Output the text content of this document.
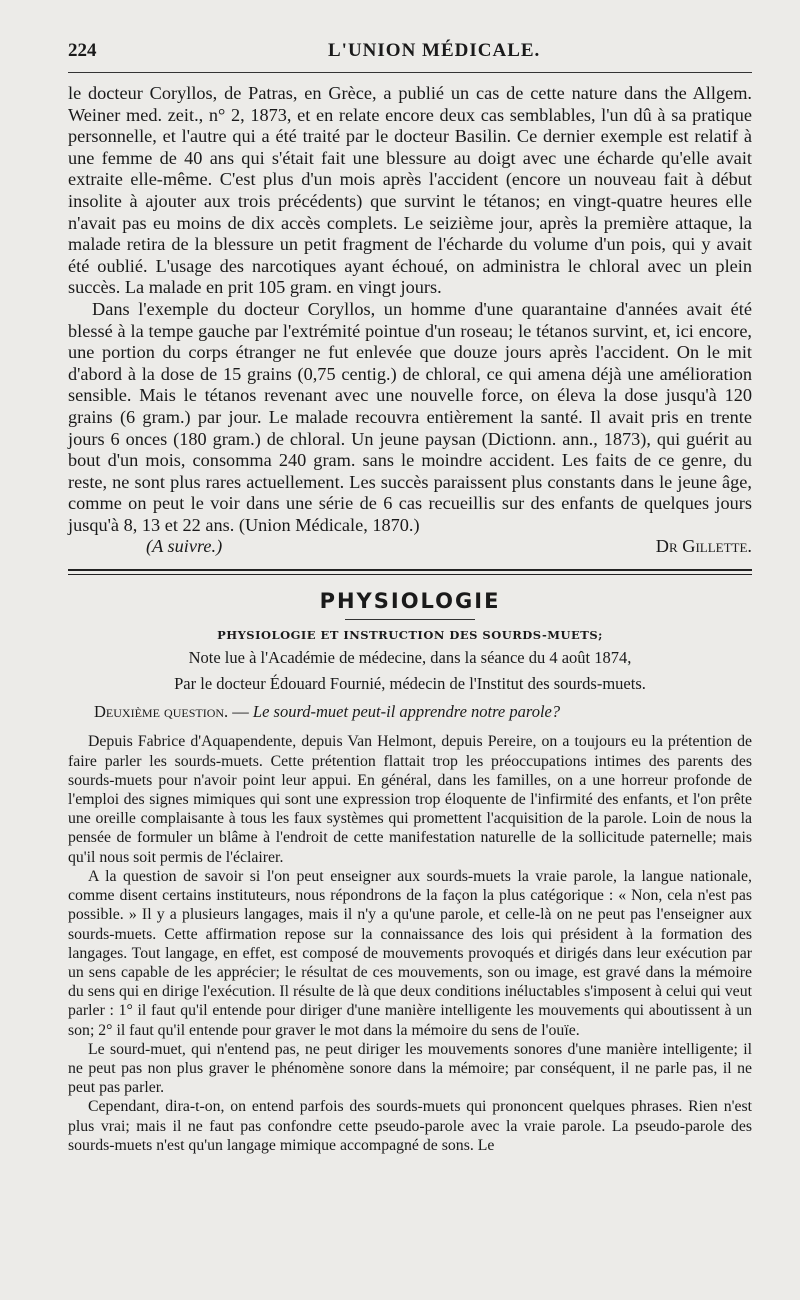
224	L'UNION MÉDICALE.

le docteur Coryllos, de Patras, en Grèce, a publié un cas de cette nature dans the Allgem. Weiner med. zeit., n° 2, 1873, et en relate encore deux cas semblables, l'un dû à sa pratique personnelle, et l'autre qui a été traité par le docteur Basilin. Ce dernier exemple est relatif à une femme de 40 ans qui s'était fait une blessure au doigt avec une écharde qu'elle avait extraite elle-même. C'est plus d'un mois après l'accident (encore un nouveau fait à début insolite à ajouter aux trois précédents) que survint le tétanos; en vingt-quatre heures elle n'avait pas eu moins de dix accès complets. Le seizième jour, après la première attaque, la malade retira de la blessure un petit fragment de l'écharde du volume d'un pois, qui y avait été oublié. L'usage des narcotiques ayant échoué, on administra le chloral avec un plein succès. La malade en prit 105 gram. en vingt jours.

Dans l'exemple du docteur Coryllos, un homme d'une quarantaine d'années avait été blessé à la tempe gauche par l'extrémité pointue d'un roseau; le tétanos survint, et, ici encore, une portion du corps étranger ne fut enlevée que douze jours après l'accident. On le mit d'abord à la dose de 15 grains (0,75 centig.) de chloral, ce qui amena déjà une amélioration sensible. Mais le tétanos revenant avec une nouvelle force, on éleva la dose jusqu'à 120 grains (6 gram.) par jour. Le malade recouvra entièrement la santé. Il avait pris en trente jours 6 onces (180 gram.) de chloral. Un jeune paysan (Dictionn. ann., 1873), qui guérit au bout d'un mois, consomma 240 gram. sans le moindre accident. Les faits de ce genre, du reste, ne sont plus rares actuellement. Les succès paraissent plus constants dans le jeune âge, comme on peut le voir dans une série de 6 cas recueillis sur des enfants de quelques jours jusqu'à 8, 13 et 22 ans. (Union Médicale, 1870.)

(A suivre.)	Dr Gillette.
PHYSIOLOGIE
PHYSIOLOGIE ET INSTRUCTION DES SOURDS-MUETS;
Note lue à l'Académie de médecine, dans la séance du 4 août 1874,
Par le docteur Édouard Fournié, médecin de l'Institut des sourds-muets.
Deuxième question. — Le sourd-muet peut-il apprendre notre parole?

Depuis Fabrice d'Aquapendente, depuis Van Helmont, depuis Pereire, on a toujours eu la prétention de faire parler les sourds-muets. Cette prétention flattait trop les préoccupations intimes des parents des sourds-muets pour n'avoir point leur appui. En général, dans les familles, on a une horreur profonde de l'emploi des signes mimiques qui sont une expression trop éloquente de l'infirmité des enfants, et l'on prête une oreille complaisante à tous les faux systèmes qui promettent l'acquisition de la parole. Loin de nous la pensée de formuler un blâme à l'endroit de cette manifestation naturelle de la sollicitude paternelle; mais qu'il nous soit permis de l'éclairer.

A la question de savoir si l'on peut enseigner aux sourds-muets la vraie parole, la langue nationale, comme disent certains instituteurs, nous répondrons de la façon la plus catégorique : « Non, cela n'est pas possible. » Il y a plusieurs langages, mais il n'y a qu'une parole, et celle-là on ne peut pas l'enseigner aux sourds-muets. Cette affirmation repose sur la connaissance des lois qui président à la formation des langages. Tout langage, en effet, est composé de mouvements provoqués et dirigés dans leur exécution par un sens capable de les apprécier; le résultat de ces mouvements, son ou image, est gravé dans la mémoire du sens qui en dirige l'exécution. Il résulte de là que deux conditions inéluctables s'imposent à celui qui veut parler : 1° il faut qu'il entende pour diriger d'une manière intelligente les mouvements qui aboutissent à un son; 2° il faut qu'il entende pour graver le mot dans la mémoire du sens de l'ouïe.

Le sourd-muet, qui n'entend pas, ne peut diriger les mouvements sonores d'une manière intelligente; il ne peut pas non plus graver le phénomène sonore dans la mémoire; par conséquent, il ne parle pas, il ne peut pas parler.

Cependant, dira-t-on, on entend parfois des sourds-muets qui prononcent quelques phrases. Rien n'est plus vrai; mais il ne faut pas confondre cette pseudo-parole avec la vraie parole. La pseudo-parole des sourds-muets n'est qu'un langage mimique accompagné de sons. Le
